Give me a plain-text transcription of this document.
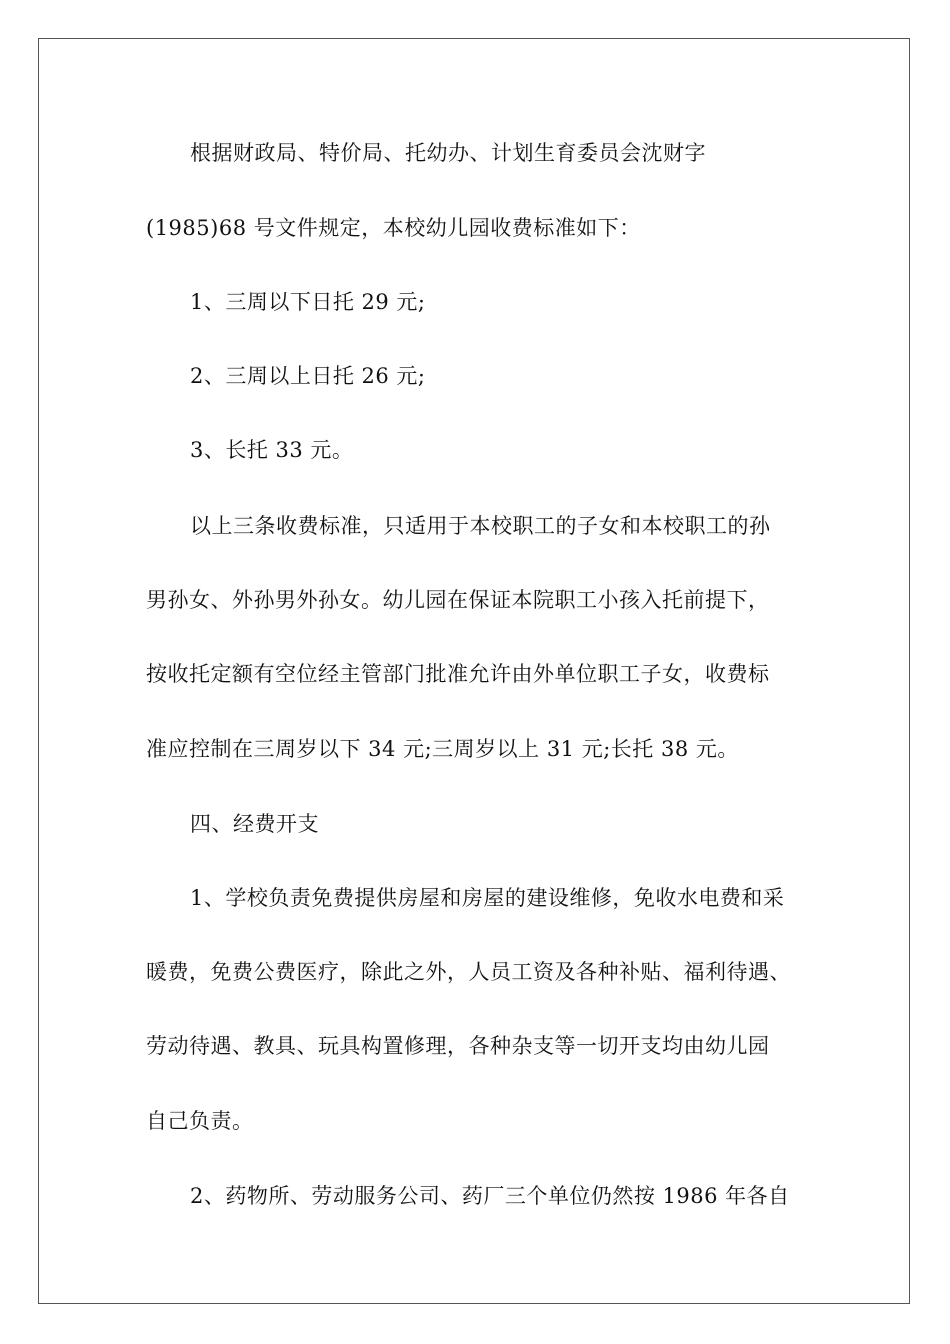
根据财政局、特价局、托幼办、计划生育委员会沈财字
(1985)68 号文件规定，本校幼儿园收费标准如下：
1、三周以下日托 29 元;
2、三周以上日托 26 元;
3、长托 33 元。
以上三条收费标准，只适用于本校职工的子女和本校职工的孙
男孙女、外孙男外孙女。幼儿园在保证本院职工小孩入托前提下，
按收托定额有空位经主管部门批准允许由外单位职工子女，收费标
准应控制在三周岁以下 34 元;三周岁以上 31 元;长托 38 元。
四、经费开支
1、学校负责免费提供房屋和房屋的建设维修，免收水电费和采
暖费，免费公费医疗，除此之外，人员工资及各种补贴、福利待遇、
劳动待遇、教具、玩具构置修理，各种杂支等一切开支均由幼儿园
自己负责。
2、药物所、劳动服务公司、药厂三个单位仍然按 1986 年各自
